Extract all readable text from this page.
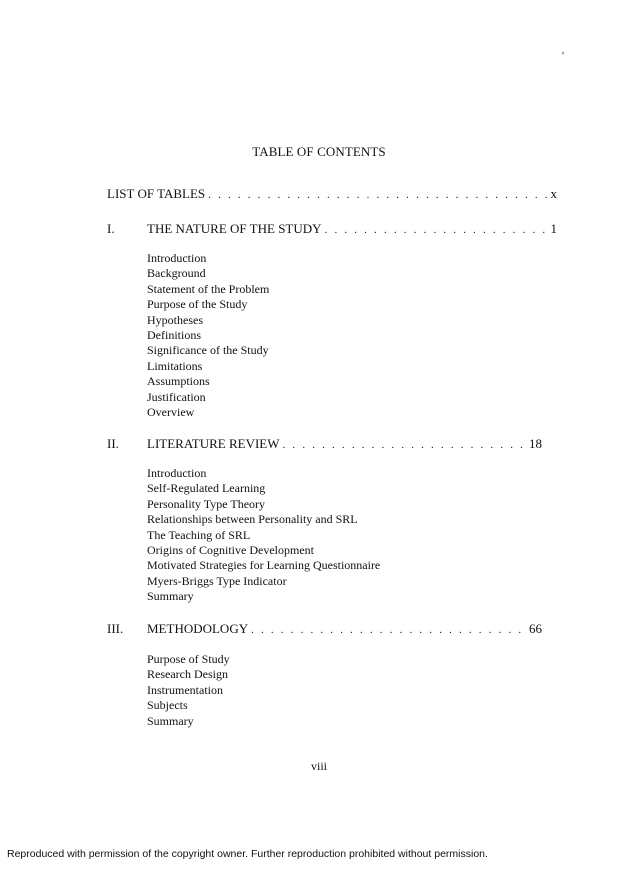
'
TABLE OF CONTENTS
LIST OF TABLES . . .	x
I. THE NATURE OF THE STUDY . . .	1
Introduction
Background
Statement of the Problem
Purpose of the Study
Hypotheses
Definitions
Significance of the Study
Limitations
Assumptions
Justification
Overview
II. LITERATURE REVIEW . . .	18
Introduction
Self-Regulated Learning
Personality Type Theory
Relationships between Personality and SRL
The Teaching of SRL
Origins of Cognitive Development
Motivated Strategies for Learning Questionnaire
Myers-Briggs Type Indicator
Summary
III. METHODOLOGY . . .	66
Purpose of Study
Research Design
Instrumentation
Subjects
Summary
viii
Reproduced with permission of the copyright owner. Further reproduction prohibited without permission.
